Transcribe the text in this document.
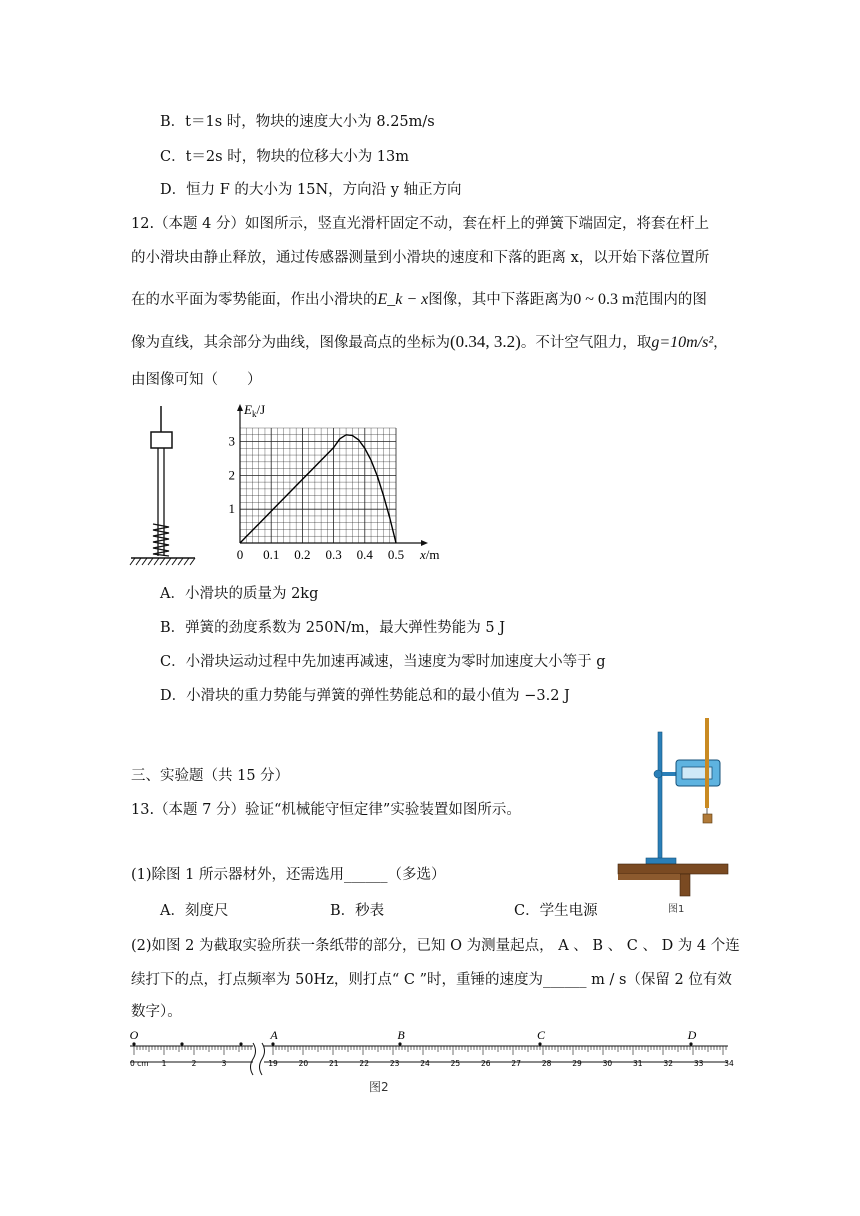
B．t＝1s 时，物块的速度大小为 8.25m/s
C．t＝2s 时，物块的位移大小为 13m
D．恒力 F 的大小为 15N，方向沿 y 轴正方向
12.（本题 4 分）如图所示，竖直光滑杆固定不动，套在杆上的弹簧下端固定，将套在杆上
的小滑块由静止释放，通过传感器测量到小滑块的速度和下落的距离 x，以开始下落位置所
在的水平面为零势能面，作出小滑块的E_k − x图像，其中下落距离为0 ~ 0.3 m范围内的图
像为直线，其余部分为曲线，图像最高点的坐标为(0.34, 3.2)。不计空气阻力，取g=10m/s²，
由图像可知（　　）
0 0.1 0.2 0.3 0.4 0.5
1
2
3
$E_k/J$
x/m
A．小滑块的质量为 2kg
B．弹簧的劲度系数为 250N/m，最大弹性势能为 5 J
C．小滑块运动过程中先加速再减速，当速度为零时加速度大小等于 g
D．小滑块的重力势能与弹簧的弹性势能总和的最小值为 −3.2 J
三、实验题（共 15 分）
13.（本题 7 分）验证“机械能守恒定律”实验装置如图所示。
图1
(1)除图 1 所示器材外，还需选用______（多选）
A．刻度尺	B．秒表	C．学生电源
(2)如图 2 为截取实验所获一条纸带的部分，已知 O 为测量起点， A 、 B 、 C 、 D 为 4 个连
续打下的点，打点频率为 50Hz，则打点“ C ”时，重锤的速度为______ m / s（保留 2 位有效
数字）。
0 cm 1	2	3	19	20	21	22	23	24	25	26	27	28	29	30	31	32	33	34
O	A	B	C	D
图2
